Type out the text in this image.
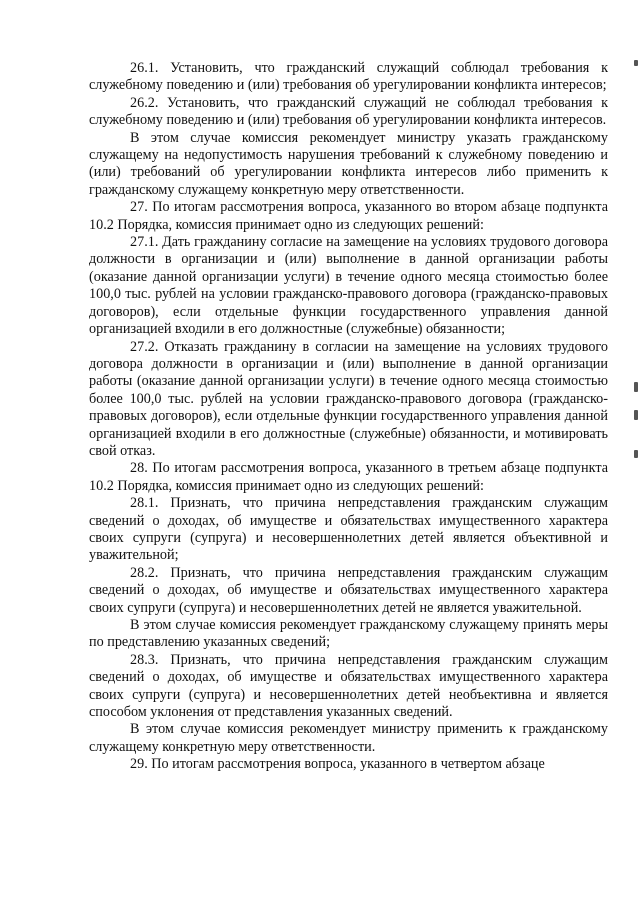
26.1. Установить, что гражданский служащий соблюдал требования к служебному поведению и (или) требования об урегулировании конфликта интересов;

26.2. Установить, что гражданский служащий не соблюдал требования к служебному поведению и (или) требования об урегулировании конфликта интересов.

В этом случае комиссия рекомендует министру указать гражданскому служащему на недопустимость нарушения требований к служебному поведению и (или) требований об урегулировании конфликта интересов либо применить к гражданскому служащему конкретную меру ответственности.

27. По итогам рассмотрения вопроса, указанного во втором абзаце подпункта 10.2 Порядка, комиссия принимает одно из следующих решений:

27.1. Дать гражданину согласие на замещение на условиях трудового договора должности в организации и (или) выполнение в данной организации работы (оказание данной организации услуги) в течение одного месяца стоимостью более 100,0 тыс. рублей на условии гражданско-правового договора (гражданско-правовых договоров), если отдельные функции государственного управления данной организацией входили в его должностные (служебные) обязанности;

27.2. Отказать гражданину в согласии на замещение на условиях трудового договора должности в организации и (или) выполнение в данной организации работы (оказание данной организации услуги) в течение одного месяца стоимостью более 100,0 тыс. рублей на условии гражданско-правового договора (гражданско-правовых договоров), если отдельные функции государственного управления данной организацией входили в его должностные (служебные) обязанности, и мотивировать свой отказ.

28. По итогам рассмотрения вопроса, указанного в третьем абзаце подпункта 10.2 Порядка, комиссия принимает одно из следующих решений:

28.1. Признать, что причина непредставления гражданским служащим сведений о доходах, об имуществе и обязательствах имущественного характера своих супруги (супруга) и несовершеннолетних детей является объективной и уважительной;

28.2. Признать, что причина непредставления гражданским служащим сведений о доходах, об имуществе и обязательствах имущественного характера своих супруги (супруга) и несовершеннолетних детей не является уважительной.

В этом случае комиссия рекомендует гражданскому служащему принять меры по представлению указанных сведений;

28.3. Признать, что причина непредставления гражданским служащим сведений о доходах, об имуществе и обязательствах имущественного характера своих супруги (супруга) и несовершеннолетних детей необъективна и является способом уклонения от представления указанных сведений.

В этом случае комиссия рекомендует министру применить к гражданскому служащему конкретную меру ответственности.

29. По итогам рассмотрения вопроса, указанного в четвертом абзаце
